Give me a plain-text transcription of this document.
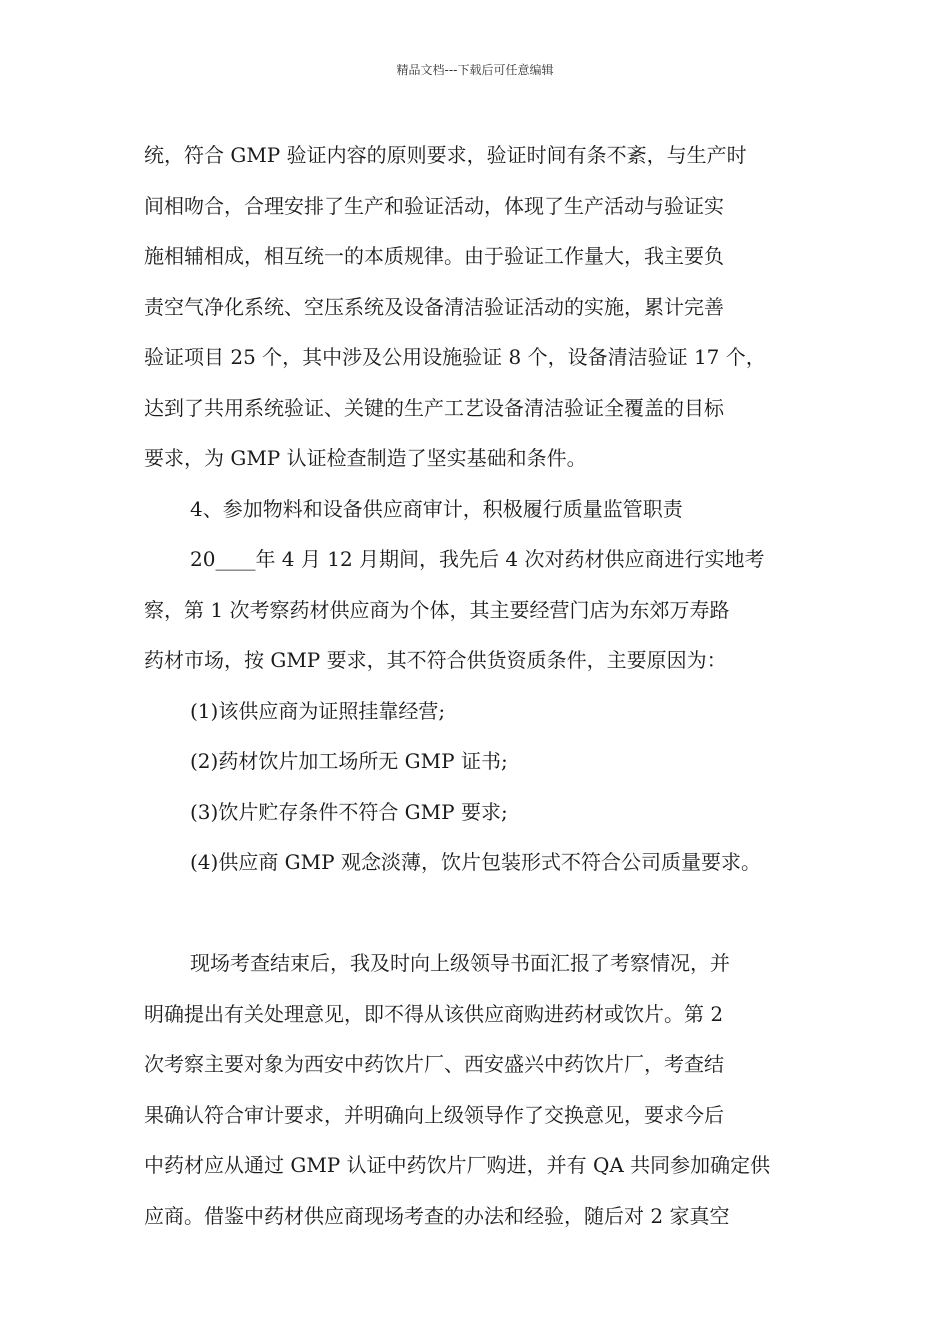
精品文档---下载后可任意编辑
统，符合 GMP 验证内容的原则要求，验证时间有条不紊，与生产时
间相吻合，合理安排了生产和验证活动，体现了生产活动与验证实
施相辅相成，相互统一的本质规律。由于验证工作量大，我主要负
责空气净化系统、空压系统及设备清洁验证活动的实施，累计完善
验证项目 25 个，其中涉及公用设施验证 8 个，设备清洁验证 17 个，
达到了共用系统验证、关键的生产工艺设备清洁验证全覆盖的目标
要求，为 GMP 认证检查制造了坚实基础和条件。
4、参加物料和设备供应商审计，积极履行质量监管职责
20____年 4 月 12 月期间，我先后 4 次对药材供应商进行实地考
察，第 1 次考察药材供应商为个体，其主要经营门店为东郊万寿路
药材市场，按 GMP 要求，其不符合供货资质条件，主要原因为：
(1)该供应商为证照挂靠经营;
(2)药材饮片加工场所无 GMP 证书;
(3)饮片贮存条件不符合 GMP 要求;
(4)供应商 GMP 观念淡薄，饮片包装形式不符合公司质量要求。
现场考查结束后，我及时向上级领导书面汇报了考察情况，并
明确提出有关处理意见，即不得从该供应商购进药材或饮片。第 2
次考察主要对象为西安中药饮片厂、西安盛兴中药饮片厂，考查结
果确认符合审计要求，并明确向上级领导作了交换意见，要求今后
中药材应从通过 GMP 认证中药饮片厂购进，并有 QA 共同参加确定供
应商。借鉴中药材供应商现场考查的办法和经验，随后对 2 家真空
